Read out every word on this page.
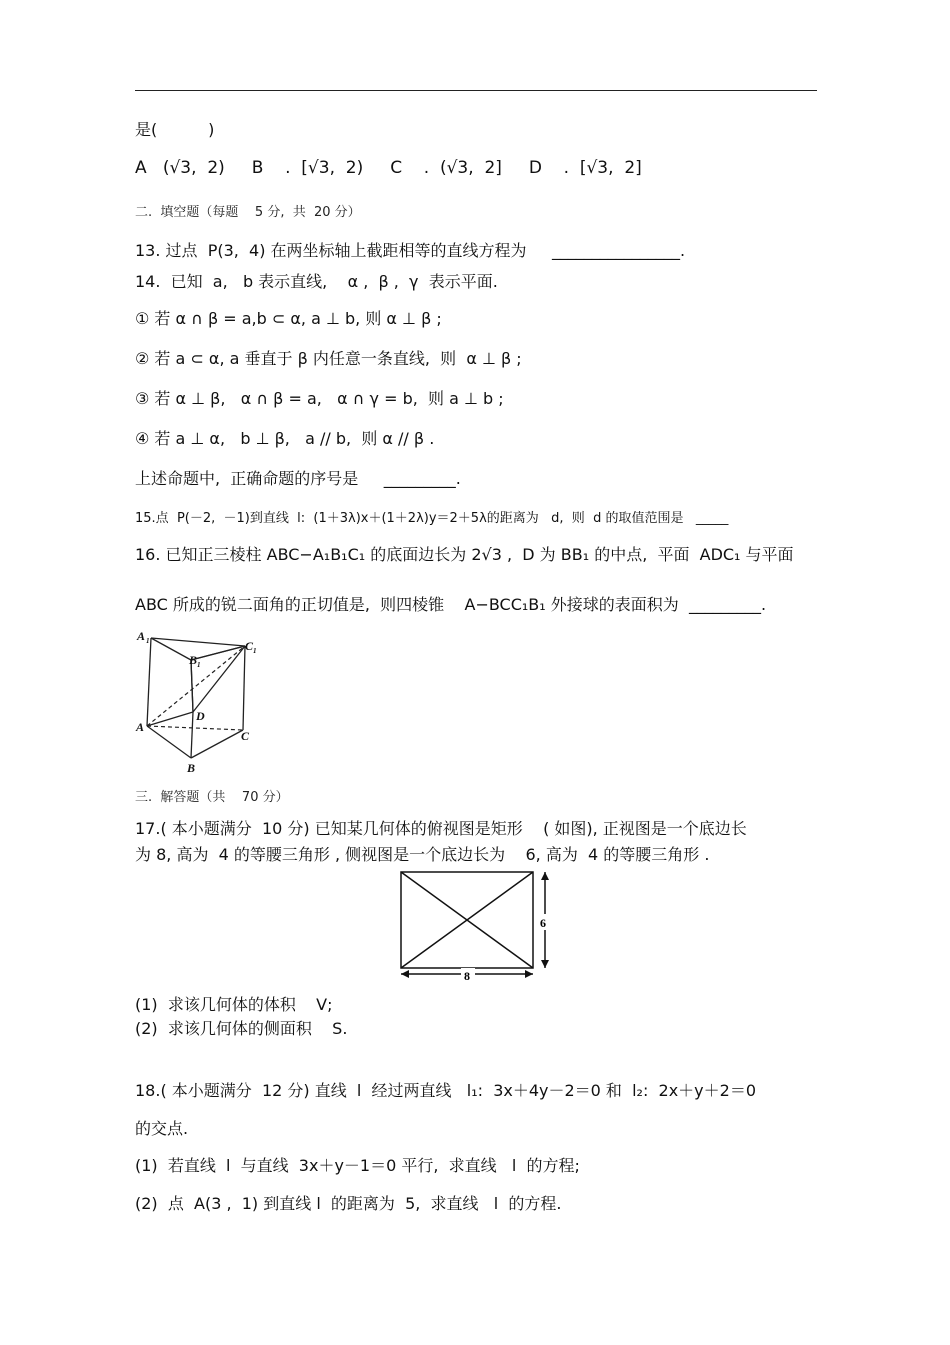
是(          )
A   (√3,  2) B    .  [√3,  2) C    .  (√3,  2] D    .  [√3,  2]
二.  填空题（每题    5 分,  共  20 分）
13. 过点  P(3,  4) 在两坐标轴上截距相等的直线方程为     ________________.
14.  已知  a,   b 表示直线,    α ,  β ,  γ  表示平面.
① 若 α ∩ β = a,b ⊂ α, a ⊥ b, 则 α ⊥ β ;
② 若 a ⊂ α, a 垂直于 β 内任意一条直线,  则  α ⊥ β ;
③ 若 α ⊥ β,   α ∩ β = a,   α ∩ γ = b,  则 a ⊥ b ;
④ 若 a ⊥ α,   b ⊥ β,   a // b,  则 α // β .
上述命题中,  正确命题的序号是     _________.
15.点  P(－2,  －1)到直线  l:  (1＋3λ)x＋(1＋2λ)y＝2＋5λ的距离为   d,  则  d 的取值范围是   _____
16. 已知正三棱柱 ABC−A₁B₁C₁ 的底面边长为 2√3 ,  D 为 BB₁ 的中点,  平面  ADC₁ 与平面
ABC 所成的锐二面角的正切值是,  则四棱锥    A−BCC₁B₁ 外接球的表面积为  _________.
A 1
B 1
C 1
A
D
C
B
三.  解答题（共    70 分）
17.( 本小题满分  10 分) 已知某几何体的俯视图是矩形    ( 如图), 正视图是一个底边长
为 8, 高为  4 的等腰三角形 , 侧视图是一个底边长为    6, 高为  4 的等腰三角形 .
6
8
(1)  求该几何体的体积    V;
(2)  求该几何体的侧面积    S.
18.( 本小题满分  12 分) 直线  l  经过两直线   l₁:  3x＋4y－2＝0 和  l₂:  2x＋y＋2＝0
的交点.
(1)  若直线  l  与直线  3x＋y－1＝0 平行,  求直线   l  的方程;
(2)  点  A(3 ,  1) 到直线 l  的距离为  5,  求直线   l  的方程.
